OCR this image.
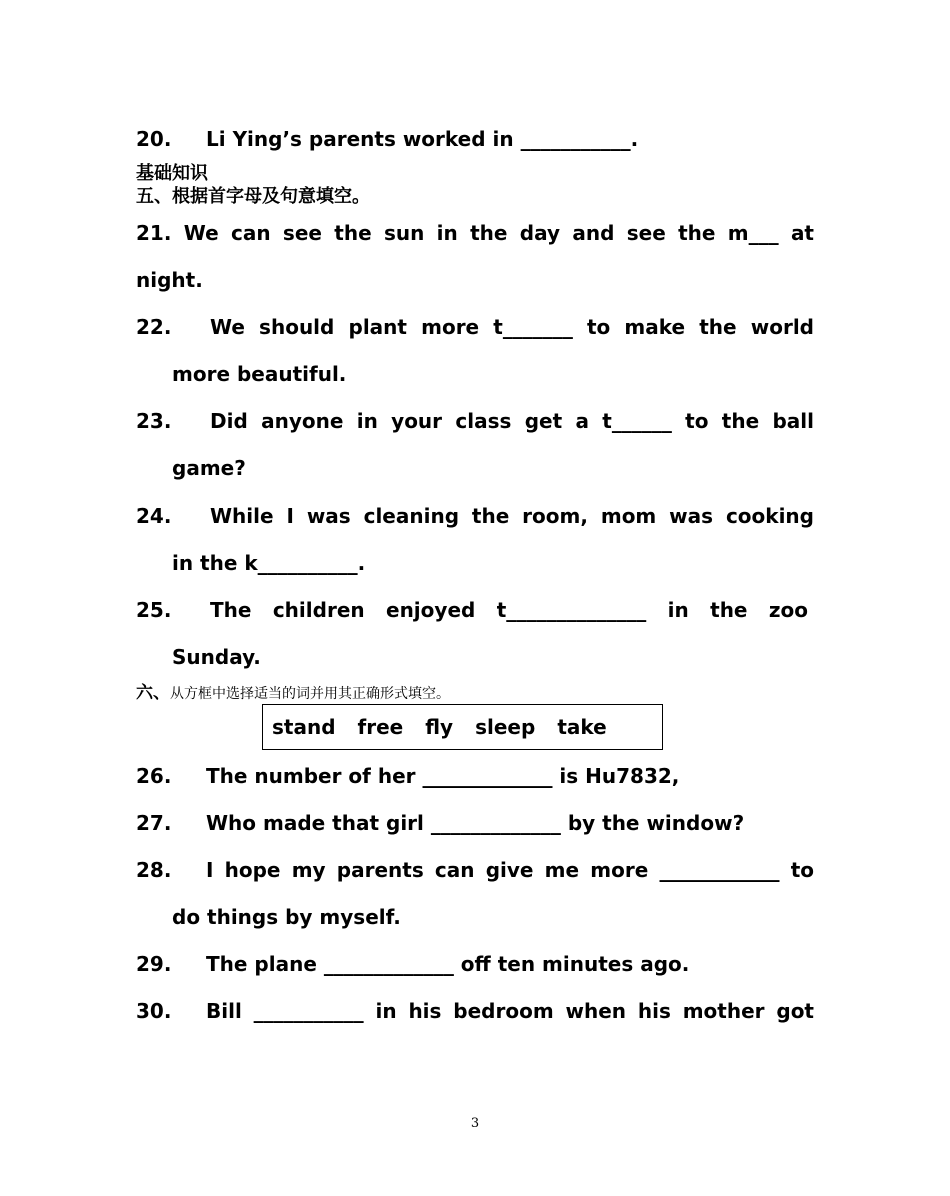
20. Li Ying’s parents worked in ___________.
基础知识
五、根据首字母及句意填空。
21. We can see the sun in the day and see the m___ at
night.
22. We should plant more t_______ to make the world
more beautiful.
23. Did anyone in your class get a t______ to the ball
game?
24. While I was cleaning the room, mom was cooking
in the k__________.
25. The children enjoyed t______________ in the zoo
Sunday.
六、从方框中选择适当的词并用其正确形式填空。
stand free fly sleep take
26. The number of her _____________ is Hu7832,
27. Who made that girl _____________ by the window?
28. I hope my parents can give me more ____________ to
do things by myself.
29. The plane _____________ off ten minutes ago.
30. Bill ___________ in his bedroom when his mother got
3
